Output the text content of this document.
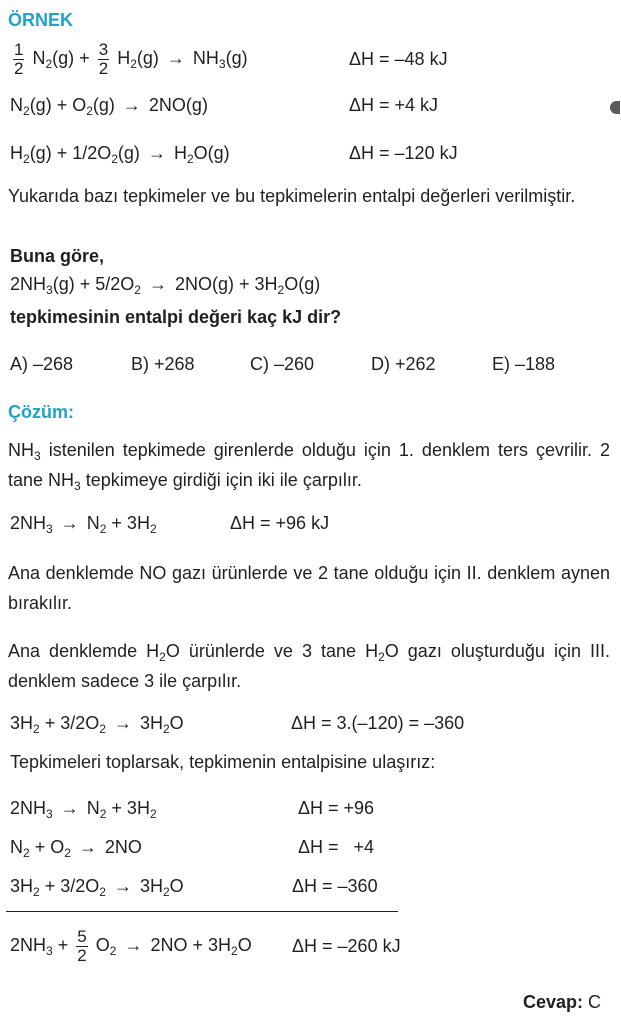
ÖRNEK
$\frac{1}{2} N_2(g) + \frac{3}{2} H_2(g) \to NH_3(g)$	ΔH = –48 kJ
$N_2(g) + O_2(g) \to 2NO(g)$	ΔH = +4 kJ
$H_2(g) + 1/2O_2(g) \to H_2O(g)$	ΔH = –120 kJ
Yukarıda bazı tepkimeler ve bu tepkimelerin entalpi değerleri verilmiştir.
Buna göre,
$2NH_3(g) + 5/2O_2 \to 2NO(g) + 3H_2O(g)$
tepkimesinin entalpi değeri kaç kJ dir?
A) –268	B) +268	C) –260	D) +262	E) –188
Çözüm:
$NH_3$ istenilen tepkimede girenlerde olduğu için 1. denklem ters çevrilir. 2 tane $NH_3$ tepkimeye girdiği için iki ile çarpılır.
$2NH_3 \to N_2 + 3H_2$	ΔH = +96 kJ
Ana denklemde NO gazı ürünlerde ve 2 tane olduğu için II. denklem aynen bırakılır.
Ana denklemde $H_2O$ ürünlerde ve 3 tane $H_2O$ gazı oluşturduğu için III. denklem sadece 3 ile çarpılır.
$3H_2 + 3/2O_2 \to 3H_2O$	ΔH = 3.(–120) = –360
Tepkimeleri toplarsak, tepkimenin entalpisine ulaşırız:
$2NH_3 \to N_2 + 3H_2$	ΔH = +96
$N_2 + O_2 \to 2NO$	ΔH =   +4
$3H_2 + 3/2O_2 \to 3H_2O$	ΔH = –360
$2NH_3 + \frac{5}{2} O_2 \to 2NO + 3H_2O$ ΔH = –260 kJ
Cevap: C
